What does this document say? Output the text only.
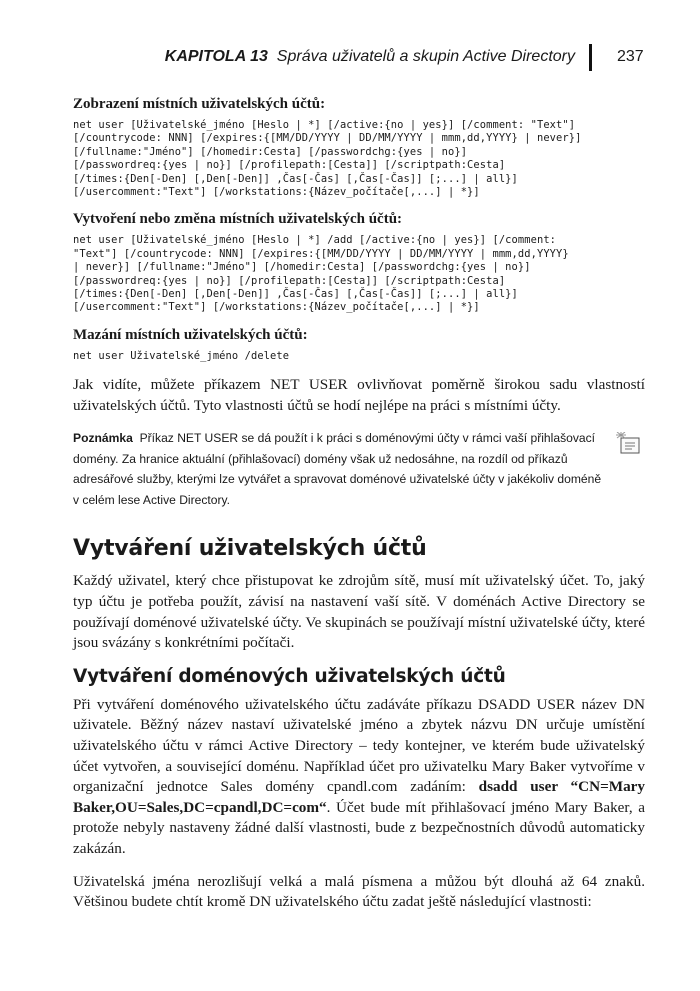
KAPITOLA 13 Správa uživatelů a skupin Active Directory	237
Zobrazení místních uživatelských účtů:
net user [Uživatelské_jméno [Heslo | *] [/active:{no | yes}] [/comment: "Text"]
[/countrycode: NNN] [/expires:{[MM/DD/YYYY | DD/MM/YYYY | mmm,dd,YYYY} | never}]
[/fullname:"Jméno"] [/homedir:Cesta] [/passwordchg:{yes | no}]
[/passwordreq:{yes | no}] [/profilepath:[Cesta]] [/scriptpath:Cesta]
[/times:{Den[-Den] [,Den[-Den]] ,Čas[-Čas] [,Čas[-Čas]] [;...] | all}]
[/usercomment:"Text"] [/workstations:{Název_počítače[,...] | *}]
Vytvoření nebo změna místních uživatelských účtů:
net user [Uživatelské_jméno [Heslo | *] /add [/active:{no | yes}] [/comment:
"Text"] [/countrycode: NNN] [/expires:{[MM/DD/YYYY | DD/MM/YYYY | mmm,dd,YYYY}
| never}] [/fullname:"Jméno"] [/homedir:Cesta] [/passwordchg:{yes | no}]
[/passwordreq:{yes | no}] [/profilepath:[Cesta]] [/scriptpath:Cesta]
[/times:{Den[-Den] [,Den[-Den]] ,Čas[-Čas] [,Čas[-Čas]] [;...] | all}]
[/usercomment:"Text"] [/workstations:{Název_počítače[,...] | *}]
Mazání místních uživatelských účtů:
net user Uživatelské_jméno /delete

Jak vidíte, můžete příkazem NET USER ovlivňovat poměrně širokou sadu vlastností uživatelských účtů. Tyto vlastnosti účtů se hodí nejlépe na práci s místními účty.

Poznámka Příkaz NET USER se dá použít i k práci s doménovými účty v rámci vaší přihlašovací domény. Za hranice aktuální (přihlašovací) domény však už nedosáhne, na rozdíl od příkazů adresářové služby, kterými lze vytvářet a spravovat doménové uživatelské účty v jakékoliv doméně v celém lese Active Directory.
Vytváření uživatelských účtů

Každý uživatel, který chce přistupovat ke zdrojům sítě, musí mít uživatelský účet. To, jaký typ účtu je potřeba použít, závisí na nastavení vaší sítě. V doménách Active Directory se používají doménové uživatelské účty. Ve skupinách se používají místní uživatelské účty, které jsou svázány s konkrétními počítači.

Vytváření doménových uživatelských účtů

Při vytváření doménového uživatelského účtu zadáváte příkazu DSADD USER název DN uživatele. Běžný název nastaví uživatelské jméno a zbytek názvu DN určuje umístění uživatelského účtu v rámci Active Directory – tedy kontejner, ve kterém bude uživatelský účet vytvořen, a související doménu. Například účet pro uživatelku Mary Baker vytvoříme v organizační jednotce Sales domény cpandl.com zadáním: dsadd user “CN=Mary Baker,OU=Sales,DC=cpandl,DC=com“. Účet bude mít přihlašovací jméno Mary Baker, a protože nebyly nastaveny žádné další vlastnosti, bude z bezpečnostních důvodů automaticky zakázán.

Uživatelská jména nerozlišují velká a malá písmena a můžou být dlouhá až 64 znaků. Většinou budete chtít kromě DN uživatelského účtu zadat ještě následující vlastnosti:
